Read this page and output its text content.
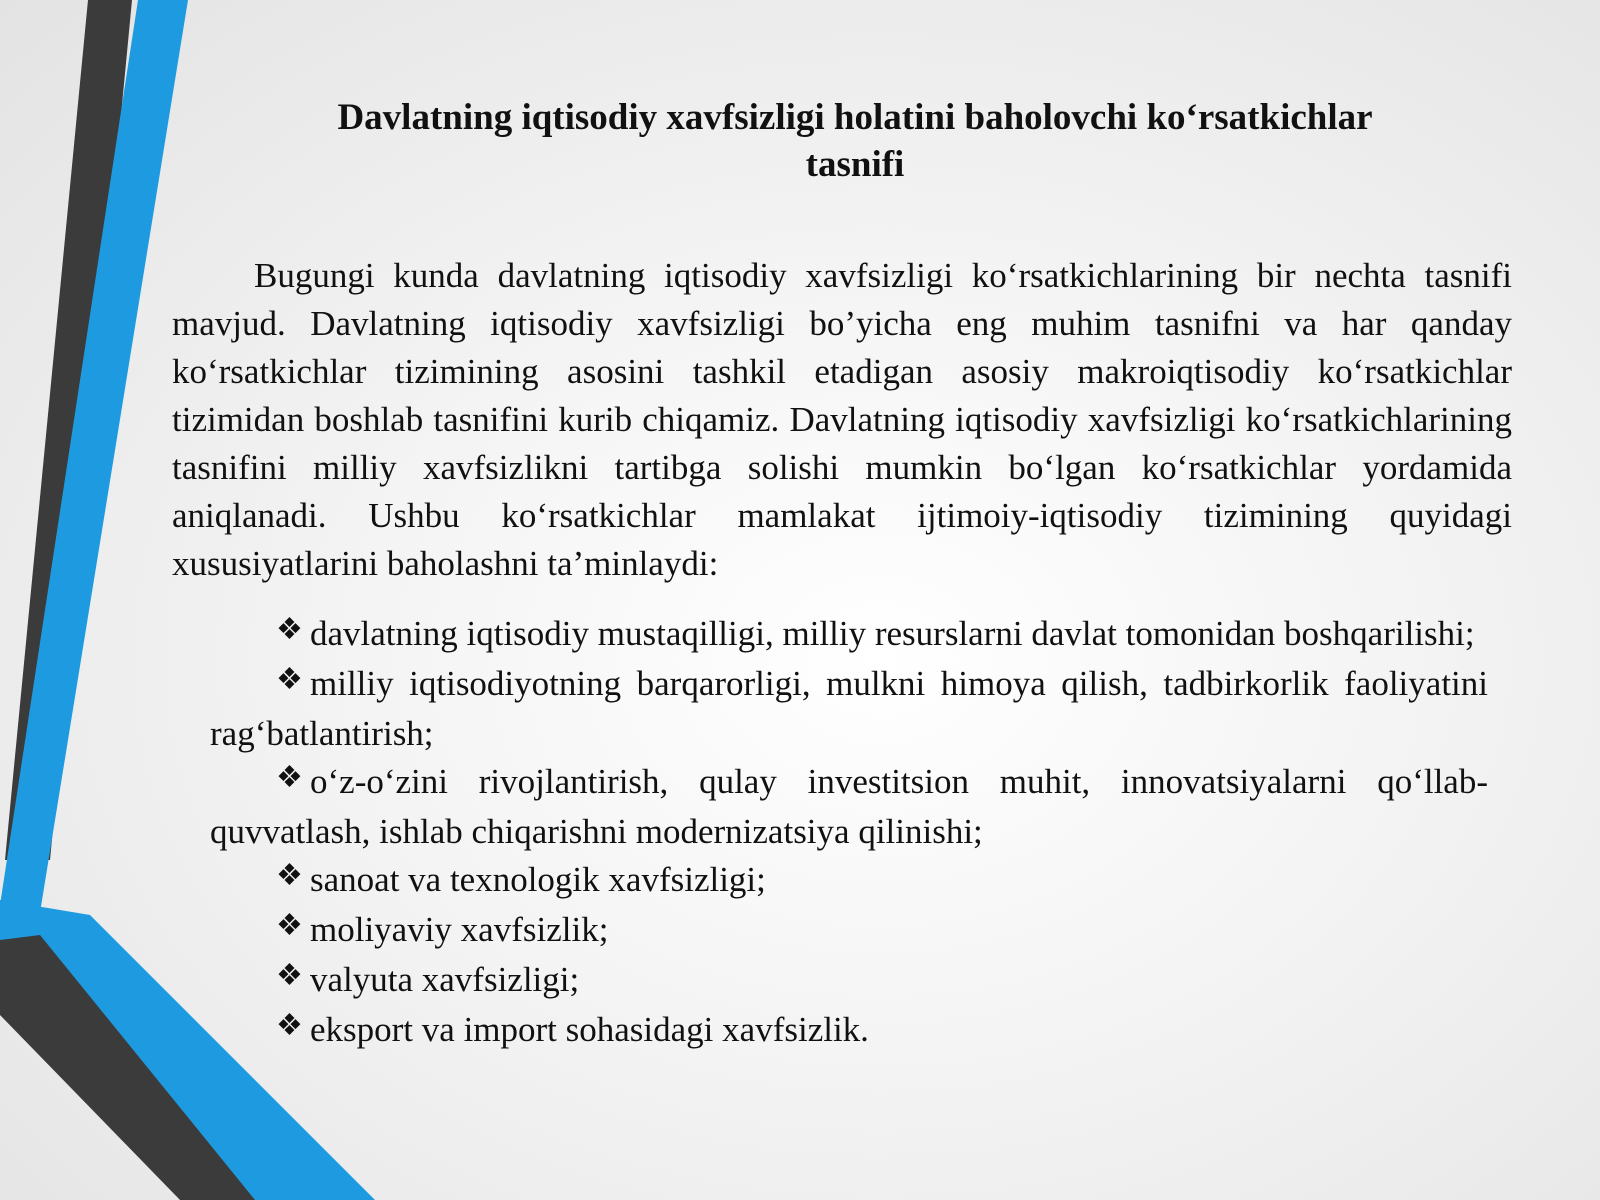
Davlatning iqtisodiy xavfsizligi holatini baholovchi ko‘rsatkichlar tasnifi

Bugungi kunda davlatning iqtisodiy xavfsizligi ko‘rsatkichlarining bir nechta tasnifi mavjud. Davlatning iqtisodiy xavfsizligi bo’yicha eng muhim tasnifni va har qanday ko‘rsatkichlar tizimining asosini tashkil etadigan asosiy makroiqtisodiy ko‘rsatkichlar tizimidan boshlab tasnifini kurib chiqamiz. Davlatning iqtisodiy xavfsizligi ko‘rsatkichlarining tasnifini milliy xavfsizlikni tartibga solishi mumkin bo‘lgan ko‘rsatkichlar yordamida aniqlanadi. Ushbu ko‘rsatkichlar mamlakat ijtimoiy-iqtisodiy tizimining quyidagi xususiyatlarini baholashni ta’minlaydi:

❖ davlatning iqtisodiy mustaqilligi, milliy resurslarni davlat tomonidan boshqarilishi;
❖ milliy iqtisodiyotning barqarorligi, mulkni himoya qilish, tadbirkorlik faoliyatini rag‘batlantirish;
❖ o‘z-o‘zini rivojlantirish, qulay investitsion muhit, innovatsiyalarni qo‘llab-quvvatlash, ishlab chiqarishni modernizatsiya qilinishi;
❖ sanoat va texnologik xavfsizligi;
❖ moliyaviy xavfsizlik;
❖ valyuta xavfsizligi;
❖ eksport va import sohasidagi xavfsizlik.
